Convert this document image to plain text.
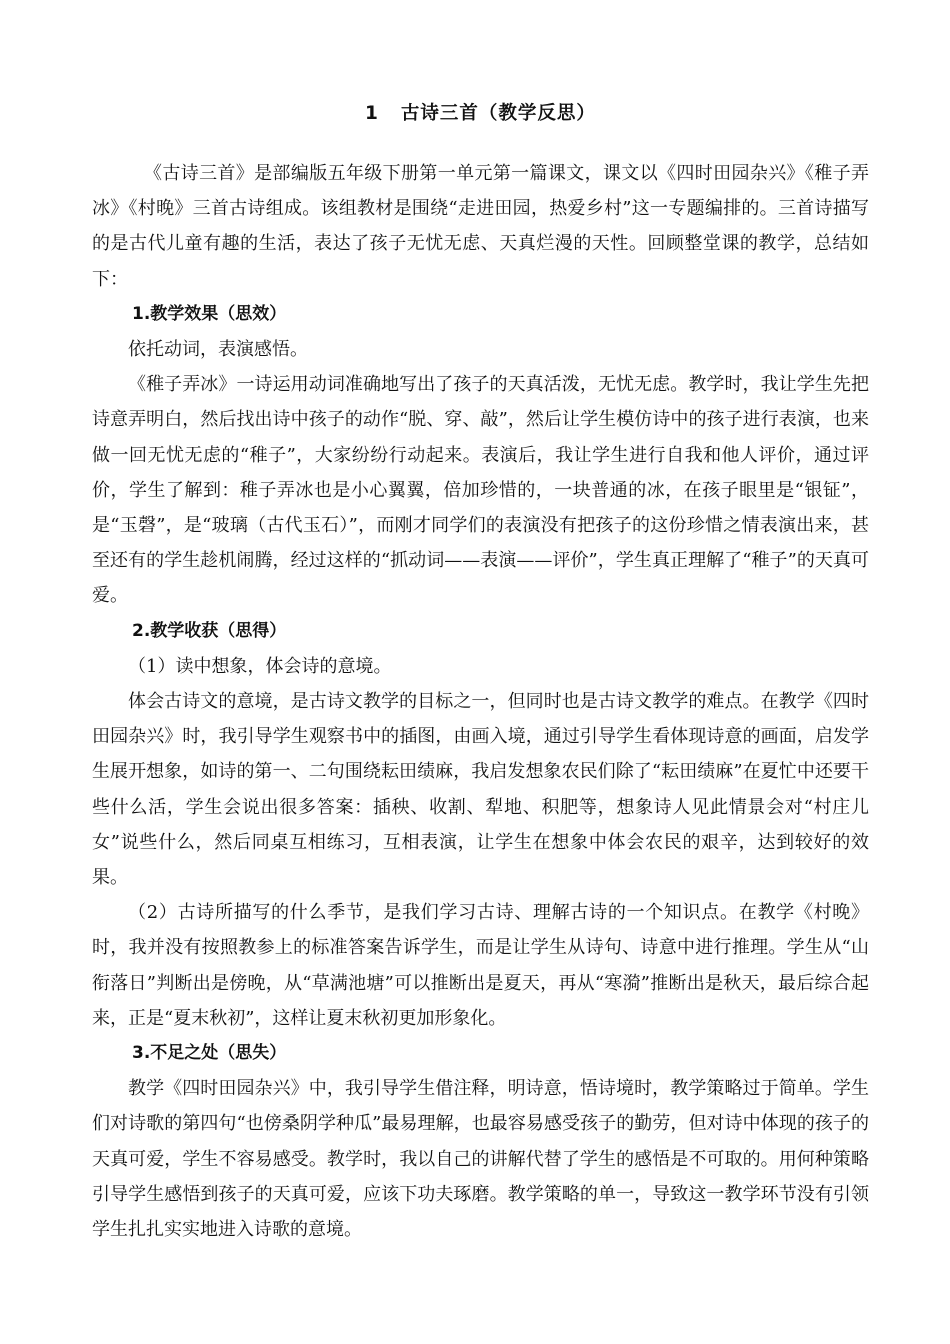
1 古诗三首（教学反思）

《古诗三首》是部编版五年级下册第一单元第一篇课文，课文以《四时田园杂兴》《稚子弄冰》《村晚》三首古诗组成。该组教材是围绕“走进田园，热爱乡村”这一专题编排的。三首诗描写的是古代儿童有趣的生活，表达了孩子无忧无虑、天真烂漫的天性。回顾整堂课的教学，总结如下：

1.教学效果（思效）

依托动词，表演感悟。

《稚子弄冰》一诗运用动词准确地写出了孩子的天真活泼，无忧无虑。教学时，我让学生先把诗意弄明白，然后找出诗中孩子的动作“脱、穿、敲”，然后让学生模仿诗中的孩子进行表演，也来做一回无忧无虑的“稚子”，大家纷纷行动起来。表演后，我让学生进行自我和他人评价，通过评价，学生了解到：稚子弄冰也是小心翼翼，倍加珍惜的，一块普通的冰，在孩子眼里是“银钲”，是“玉磬”，是“玻璃（古代玉石）”，而刚才同学们的表演没有把孩子的这份珍惜之情表演出来，甚至还有的学生趁机闹腾，经过这样的“抓动词——表演——评价”，学生真正理解了“稚子”的天真可爱。

2.教学收获（思得）

（1）读中想象，体会诗的意境。

体会古诗文的意境，是古诗文教学的目标之一，但同时也是古诗文教学的难点。在教学《四时田园杂兴》时，我引导学生观察书中的插图，由画入境，通过引导学生看体现诗意的画面，启发学生展开想象，如诗的第一、二句围绕耘田绩麻，我启发想象农民们除了“耘田绩麻”在夏忙中还要干些什么活，学生会说出很多答案：插秧、收割、犁地、积肥等，想象诗人见此情景会对“村庄儿女”说些什么，然后同桌互相练习，互相表演，让学生在想象中体会农民的艰辛，达到较好的效果。

（2）古诗所描写的什么季节，是我们学习古诗、理解古诗的一个知识点。在教学《村晚》时，我并没有按照教参上的标准答案告诉学生，而是让学生从诗句、诗意中进行推理。学生从“山衔落日”判断出是傍晚，从“草满池塘”可以推断出是夏天，再从“寒漪”推断出是秋天，最后综合起来，正是“夏末秋初”，这样让夏末秋初更加形象化。

3.不足之处（思失）

教学《四时田园杂兴》中，我引导学生借注释，明诗意，悟诗境时，教学策略过于简单。学生们对诗歌的第四句“也傍桑阴学种瓜”最易理解，也最容易感受孩子的勤劳，但对诗中体现的孩子的天真可爱，学生不容易感受。教学时，我以自己的讲解代替了学生的感悟是不可取的。用何种策略引导学生感悟到孩子的天真可爱，应该下功夫琢磨。教学策略的单一，导致这一教学环节没有引领学生扎扎实实地进入诗歌的意境。
